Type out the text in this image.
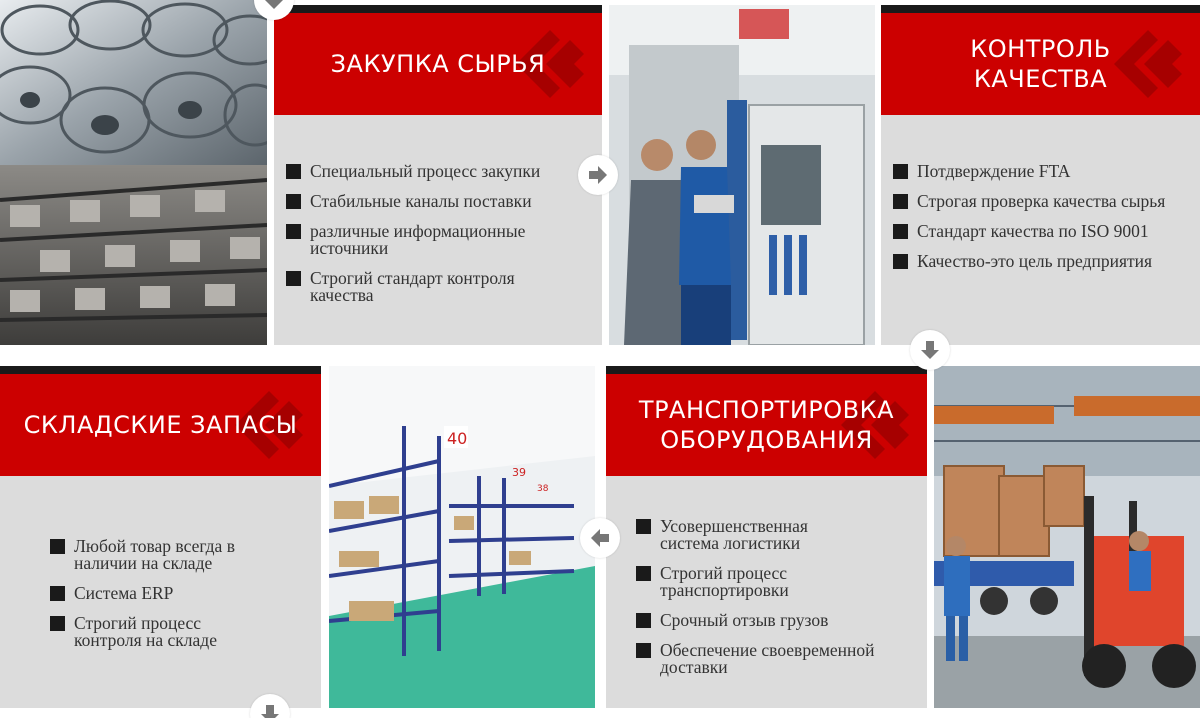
ЗАКУПКА СЫРЬЯ
Специальный процесс закупки
Стабильные каналы поставки
различные информационные источники
Строгий стандарт контроля качества
КОНТРОЛЬ
КАЧЕСТВА
Потдверждение FTA
Строгая проверка качества сырья
Стандарт качества по ISO 9001
Качество-это цель предприятия
СКЛАДСКИЕ ЗАПАСЫ
Любой товар всегда в наличии на складе
Система ERP
Строгий процесс контроля на складе
40
39
38
ТРАНСПОРТИРОВКА
ОБОРУДОВАНИЯ
Усовершенственная система логистики
Строгий процесс транспортировки
Срочный отзыв грузов
Обеспечение своевременной доставки
